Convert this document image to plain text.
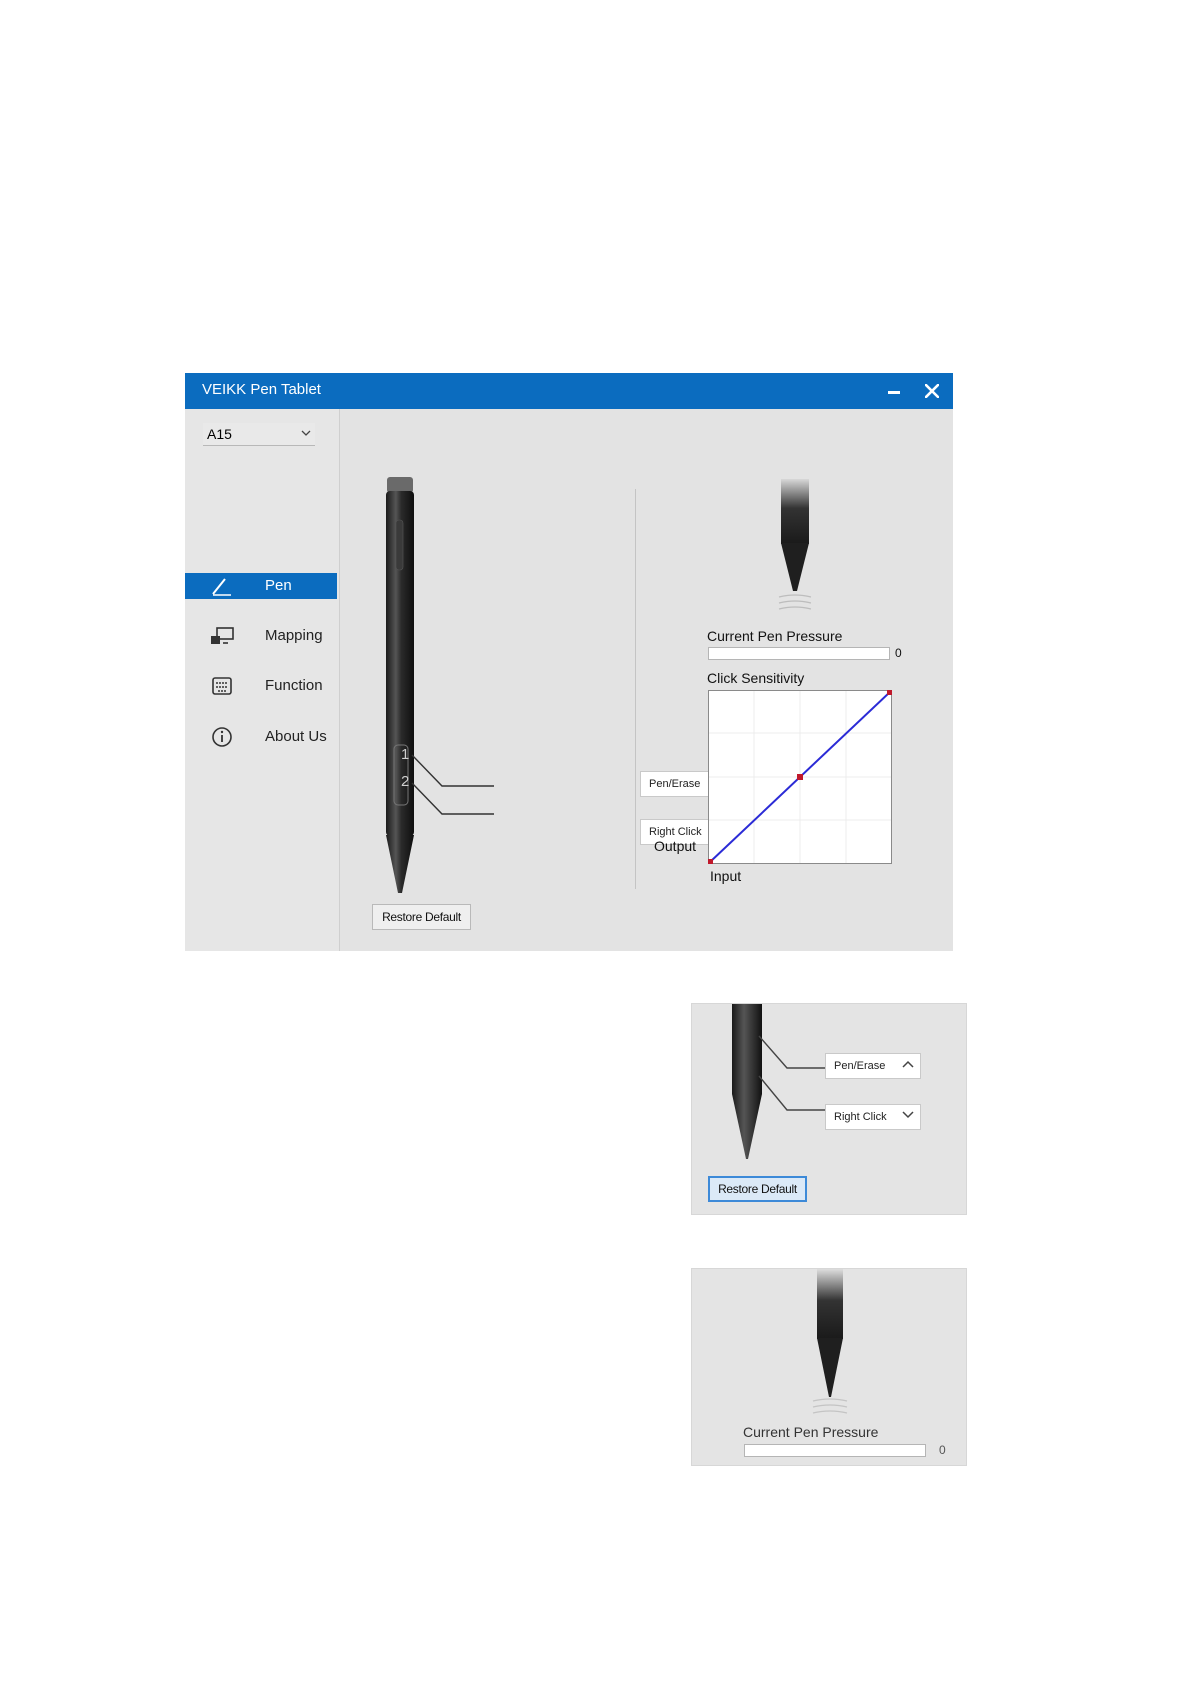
VEIKK Pen Tablet
A15
Pen
Mapping
Function
About Us
1
2	Pen/Erase
Right Click
Restore Default
Current Pen Pressure
0
Click Sensitivity
Output
Input
Pen/Erase
Right Click
Restore Default
Current Pen Pressure
0
